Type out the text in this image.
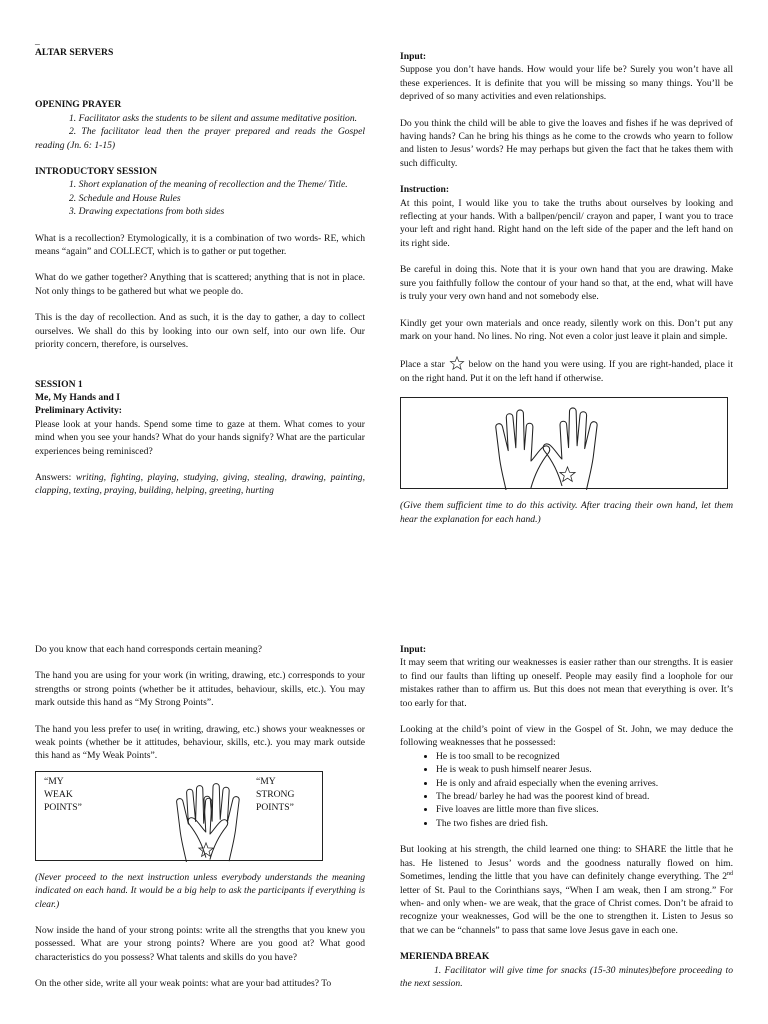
_

ALTAR SERVERS

OPENING PRAYER

1. Facilitator asks the students to be silent and assume meditative position.

2. The facilitator lead then the prayer prepared and reads the Gospel reading (Jn. 6: 1-15)

INTRODUCTORY SESSION

1. Short explanation of the meaning of recollection and the Theme/ Title.

2. Schedule and House Rules

3. Drawing expectations from both sides

What is a recollection? Etymologically, it is a combination of two words- RE, which means “again” and COLLECT, which is to gather or put together.

What do we gather together? Anything that is scattered; anything that is not in place. Not only things to be gathered but what we people do.

This is the day of recollection. And as such, it is the day to gather, a day to collect ourselves. We shall do this by looking into our own self, into our own life. Our priority concern, therefore, is ourselves.

SESSION 1

Me, My Hands and I

Preliminary Activity:

Please look at your hands. Spend some time to gaze at them. What comes to your mind when you see your hands? What do your hands signify? What are the particular experiences being reminisced?

Answers: writing, fighting, playing, studying, giving, stealing, drawing, painting, clapping, texting, praying, building, helping, greeting, hurting

Input:

Suppose you don’t have hands. How would your life be? Surely you won’t have all these experiences. It is definite that you will be missing so many things. You’ll be deprived of so many activities and even relationships.

Do you think the child will be able to give the loaves and fishes if he was deprived of having hands? Can he bring his things as he come to the crowds who yearn to follow and listen to Jesus’ words? He may perhaps but given the fact that he takes them with such difficulty.

Instruction:

At this point, I would like you to take the truths about ourselves by looking and reflecting at your hands. With a ballpen/pencil/ crayon and paper, I want you to trace your left and right hand. Right hand on the left side of the paper and the left hand on its right side.

Be careful in doing this. Note that it is your own hand that you are drawing. Make sure you faithfully follow the contour of your hand so that, at the end, what will have is truly your very own hand and not somebody else.

Kindly get your own materials and once ready, silently work on this. Don’t put any mark on your hand. No lines. No ring. Not even a color just leave it plain and simple.

Place a star below on the hand you were using. If you are right-handed, place it on the right hand. Put it on the left hand if otherwise.

(Give them sufficient time to do this activity. After tracing their own hand, let them hear the explanation for each hand.)

Do you know that each hand corresponds certain meaning?

The hand you are using for your work (in writing, drawing, etc.) corresponds to your strengths or strong points (whether be it attitudes, behaviour, skills, etc.). You may mark outside this hand as “My Strong Points”.

The hand you less prefer to use( in writing, drawing, etc.) shows your weaknesses or weak points (whether be it attitudes, behaviour, skills, etc.). you may mark outside this hand as “My Weak Points”.

“MY
WEAK
POINTS”
“MY
STRONG
POINTS”

(Never proceed to the next instruction unless everybody understands the meaning indicated on each hand. It would be a big help to ask the participants if everything is clear.)

Now inside the hand of your strong points: write all the strengths that you knew you possessed. What are your strong points? Where are you good at? What good characteristics do you possess? What talents and skills do you have?

On the other side, write all your weak points: what are your bad attitudes? To

Input:

It may seem that writing our weaknesses is easier rather than our strengths. It is easier to find our faults than lifting up oneself. People may easily find a loophole for our mistakes rather than to affirm us. But this does not mean that everything is over. It’s too early for that.

Looking at the child’s point of view in the Gospel of St. John, we may deduce the following weaknesses that he possessed:

• He is too small to be recognized
• He is weak to push himself nearer Jesus.
• He is only and afraid especially when the evening arrives.
• The bread/ barley he had was the poorest kind of bread.
• Five loaves are little more than five slices.
• The two fishes are dried fish.

But looking at his strength, the child learned one thing: to SHARE the little that he has. He listened to Jesus’ words and the goodness naturally flowed on him. Sometimes, lending the little that you have can definitely change everything. The 2nd letter of St. Paul to the Corinthians says, “When I am weak, then I am strong.” For when- and only when- we are weak, that the grace of Christ comes. Don’t be afraid to recognize your weaknesses, God will be the one to strengthen it. Listen to Jesus so that we can be “channels” to pass that same love Jesus gave in each one.

MERIENDA BREAK

1. Facilitator will give time for snacks (15-30 minutes)before proceeding to the next session.
